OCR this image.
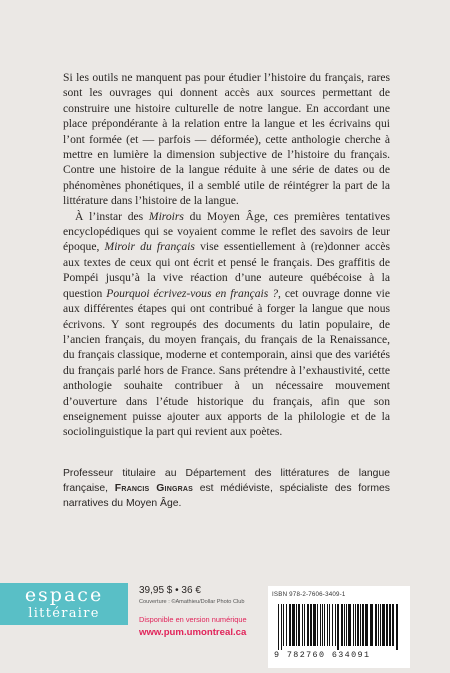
Si les outils ne manquent pas pour étudier l’histoire du français, rares sont les ouvrages qui donnent accès aux sources permettant de construire une histoire culturelle de notre langue. En accordant une place prépondérante à la relation entre la langue et les écrivains qui l’ont formée (et — parfois — déformée), cette anthologie cherche à mettre en lumière la dimension subjective de l’histoire du français. Contre une histoire de la langue réduite à une série de dates ou de phénomènes phonétiques, il a semblé utile de réintégrer la part de la littérature dans l’histoire de la langue.

À l’instar des Miroirs du Moyen Âge, ces premières tentatives encyclopédiques qui se voyaient comme le reflet des savoirs de leur époque, Miroir du français vise essentiellement à (re)donner accès aux textes de ceux qui ont écrit et pensé le français. Des graffitis de Pompéi jusqu’à la vive réaction d’une auteure québécoise à la question Pourquoi écrivez-vous en français ?, cet ouvrage donne vie aux différentes étapes qui ont contribué à forger la langue que nous écrivons. Y sont regroupés des documents du latin populaire, de l’ancien français, du moyen français, du français de la Renaissance, du français classique, moderne et contemporain, ainsi que des variétés du français parlé hors de France. Sans prétendre à l’exhaustivité, cette anthologie souhaite contribuer à un nécessaire mouvement d’ouverture dans l’étude historique du français, afin que son enseignement puisse ajouter aux apports de la philologie et de la sociolinguistique la part qui revient aux poètes.

Professeur titulaire au Département des littératures de langue française, Francis Gingras est médiéviste, spécialiste des formes narratives du Moyen Âge.
espace
littéraire
39,95 $ • 36 €
Couverture : ©Amathieu/Dollar Photo Club
Disponible en version numérique
www.pum.umontreal.ca
ISBN 978-2-7606-3409-1
9 782760 634091
